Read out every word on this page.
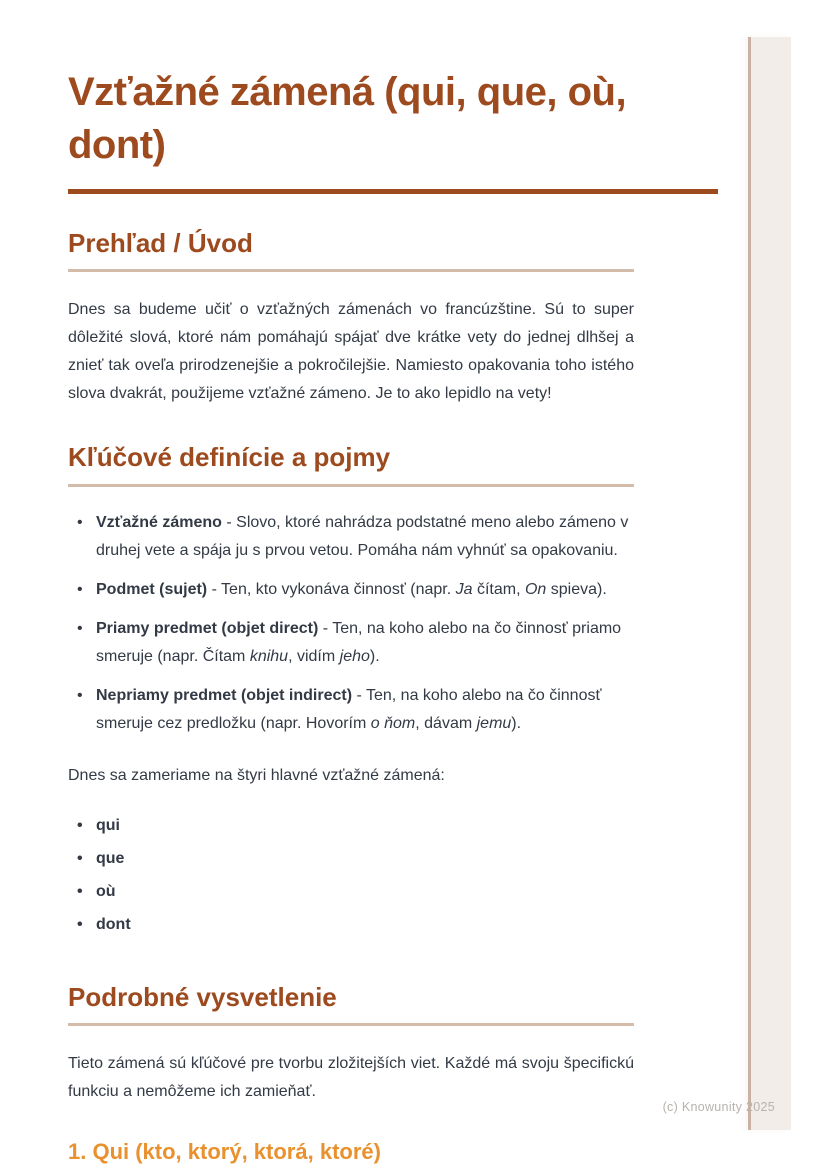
Vzťažné zámená (qui, que, où, dont)
Prehľad / Úvod

Dnes sa budeme učiť o vzťažných zámenách vo francúzštine. Sú to super dôležité slová, ktoré nám pomáhajú spájať dve krátke vety do jednej dlhšej a znieť tak oveľa prirodzenejšie a pokročilejšie. Namiesto opakovania toho istého slova dvakrát, použijeme vzťažné zámeno. Je to ako lepidlo na vety!

Kľúčové definície a pojmy
• Vzťažné zámeno - Slovo, ktoré nahrádza podstatné meno alebo zámeno v druhej vete a spája ju s prvou vetou. Pomáha nám vyhnúť sa opakovaniu.
• Podmet (sujet) - Ten, kto vykonáva činnosť (napr. Ja čítam, On spieva).
• Priamy predmet (objet direct) - Ten, na koho alebo na čo činnosť priamo smeruje (napr. Čítam knihu, vidím jeho).
• Nepriamy predmet (objet indirect) - Ten, na koho alebo na čo činnosť smeruje cez predložku (napr. Hovorím o ňom, dávam jemu).

Dnes sa zameriame na štyri hlavné vzťažné zámená:

• qui
• que
• où
• dont
Podrobné vysvetlenie

Tieto zámená sú kľúčové pre tvorbu zložitejších viet. Každé má svoju špecifickú funkciu a nemôžeme ich zamieňať.

1. Qui (kto, ktorý, ktorá, ktoré)
(c) Knowunity 2025
